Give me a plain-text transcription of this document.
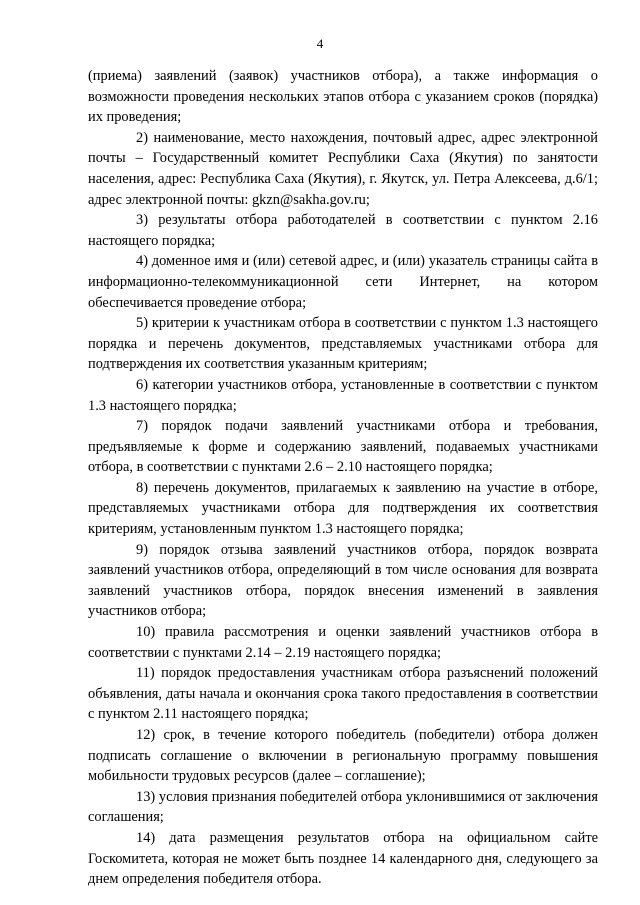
4

(приема) заявлений (заявок) участников отбора), а также информация о возможности проведения нескольких этапов отбора с указанием сроков (порядка) их проведения;

2) наименование, место нахождения, почтовый адрес, адрес электронной почты – Государственный комитет Республики Саха (Якутия) по занятости населения, адрес: Республика Саха (Якутия), г. Якутск, ул. Петра Алексеева, д.6/1; адрес электронной почты: gkzn@sakha.gov.ru;

3) результаты отбора работодателей в соответствии с пунктом 2.16 настоящего порядка;

4) доменное имя и (или) сетевой адрес, и (или) указатель страницы сайта в информационно-телекоммуникационной сети Интернет, на котором обеспечивается проведение отбора;

5) критерии к участникам отбора в соответствии с пунктом 1.3 настоящего порядка и перечень документов, представляемых участниками отбора для подтверждения их соответствия указанным критериям;

6) категории участников отбора, установленные в соответствии с пунктом 1.3 настоящего порядка;

7) порядок подачи заявлений участниками отбора и требования, предъявляемые к форме и содержанию заявлений, подаваемых участниками отбора, в соответствии с пунктами 2.6 – 2.10 настоящего порядка;

8) перечень документов, прилагаемых к заявлению на участие в отборе, представляемых участниками отбора для подтверждения их соответствия критериям, установленным пунктом 1.3 настоящего порядка;

9) порядок отзыва заявлений участников отбора, порядок возврата заявлений участников отбора, определяющий в том числе основания для возврата заявлений участников отбора, порядок внесения изменений в заявления участников отбора;

10) правила рассмотрения и оценки заявлений участников отбора в соответствии с пунктами 2.14 – 2.19 настоящего порядка;

11) порядок предоставления участникам отбора разъяснений положений объявления, даты начала и окончания срока такого предоставления в соответствии с пунктом 2.11 настоящего порядка;

12) срок, в течение которого победитель (победители) отбора должен подписать соглашение о включении в региональную программу повышения мобильности трудовых ресурсов (далее – соглашение);

13) условия признания победителей отбора уклонившимися от заключения соглашения;

14) дата размещения результатов отбора на официальном сайте Госкомитета, которая не может быть позднее 14 календарного дня, следующего за днем определения победителя отбора.
